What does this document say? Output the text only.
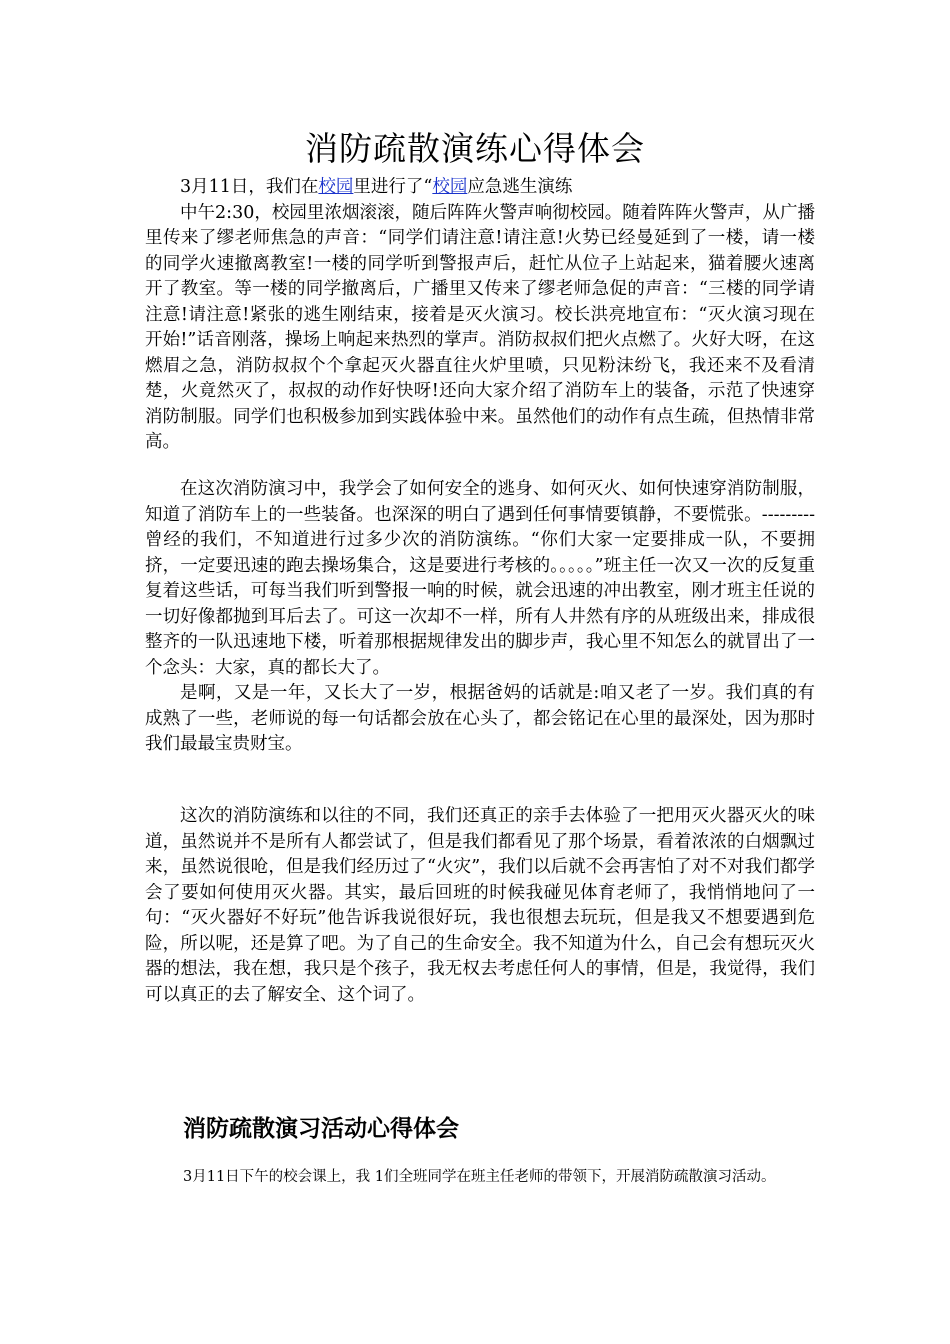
消防疏散演练心得体会

3月11日，我们在校园里进行了“校园应急逃生演练

中午2:30，校园里浓烟滚滚，随后阵阵火警声响彻校园。随着阵阵火警声，从广播里传来了缪老师焦急的声音：“同学们请注意!请注意!火势已经曼延到了一楼，请一楼的同学火速撤离教室!一楼的同学听到警报声后，赶忙从位子上站起来，猫着腰火速离开了教室。等一楼的同学撤离后，广播里又传来了缪老师急促的声音：“三楼的同学请注意!请注意!紧张的逃生刚结束，接着是灭火演习。校长洪亮地宣布：“灭火演习现在开始!”话音刚落，操场上响起来热烈的掌声。消防叔叔们把火点燃了。火好大呀，在这燃眉之急，消防叔叔个个拿起灭火器直往火炉里喷，只见粉沫纷飞，我还来不及看清楚，火竟然灭了，叔叔的动作好快呀!还向大家介绍了消防车上的装备，示范了快速穿消防制服。同学们也积极参加到实践体验中来。虽然他们的动作有点生疏，但热情非常高。

在这次消防演习中，我学会了如何安全的逃身、如何灭火、如何快速穿消防制服，知道了消防车上的一些装备。也深深的明白了遇到任何事情要镇静，不要慌张。---------曾经的我们，不知道进行过多少次的消防演练。“你们大家一定要排成一队，不要拥挤，一定要迅速的跑去操场集合，这是要进行考核的。。。。。”班主任一次又一次的反复重复着这些话，可每当我们听到警报一响的时候，就会迅速的冲出教室，刚才班主任说的一切好像都抛到耳后去了。可这一次却不一样，所有人井然有序的从班级出来，排成很整齐的一队迅速地下楼，听着那根据规律发出的脚步声，我心里不知怎么的就冒出了一个念头：大家，真的都长大了。

是啊，又是一年，又长大了一岁，根据爸妈的话就是:咱又老了一岁。我们真的有成熟了一些，老师说的每一句话都会放在心头了，都会铭记在心里的最深处，因为那时我们最最宝贵财宝。

这次的消防演练和以往的不同，我们还真正的亲手去体验了一把用灭火器灭火的味道，虽然说并不是所有人都尝试了，但是我们都看见了那个场景，看着浓浓的白烟飘过来，虽然说很呛，但是我们经历过了“火灾”，我们以后就不会再害怕了对不对我们都学会了要如何使用灭火器。其实，最后回班的时候我碰见体育老师了，我悄悄地问了一句：“灭火器好不好玩”他告诉我说很好玩，我也很想去玩玩，但是我又不想要遇到危险，所以呢，还是算了吧。为了自己的生命安全。我不知道为什么，自己会有想玩灭火器的想法，我在想，我只是个孩子，我无权去考虑任何人的事情，但是，我觉得，我们可以真正的去了解安全、这个词了。

消防疏散演习活动心得体会

3月11日下午的校会课上，我 1们全班同学在班主任老师的带领下，开展消防疏散演习活动。
